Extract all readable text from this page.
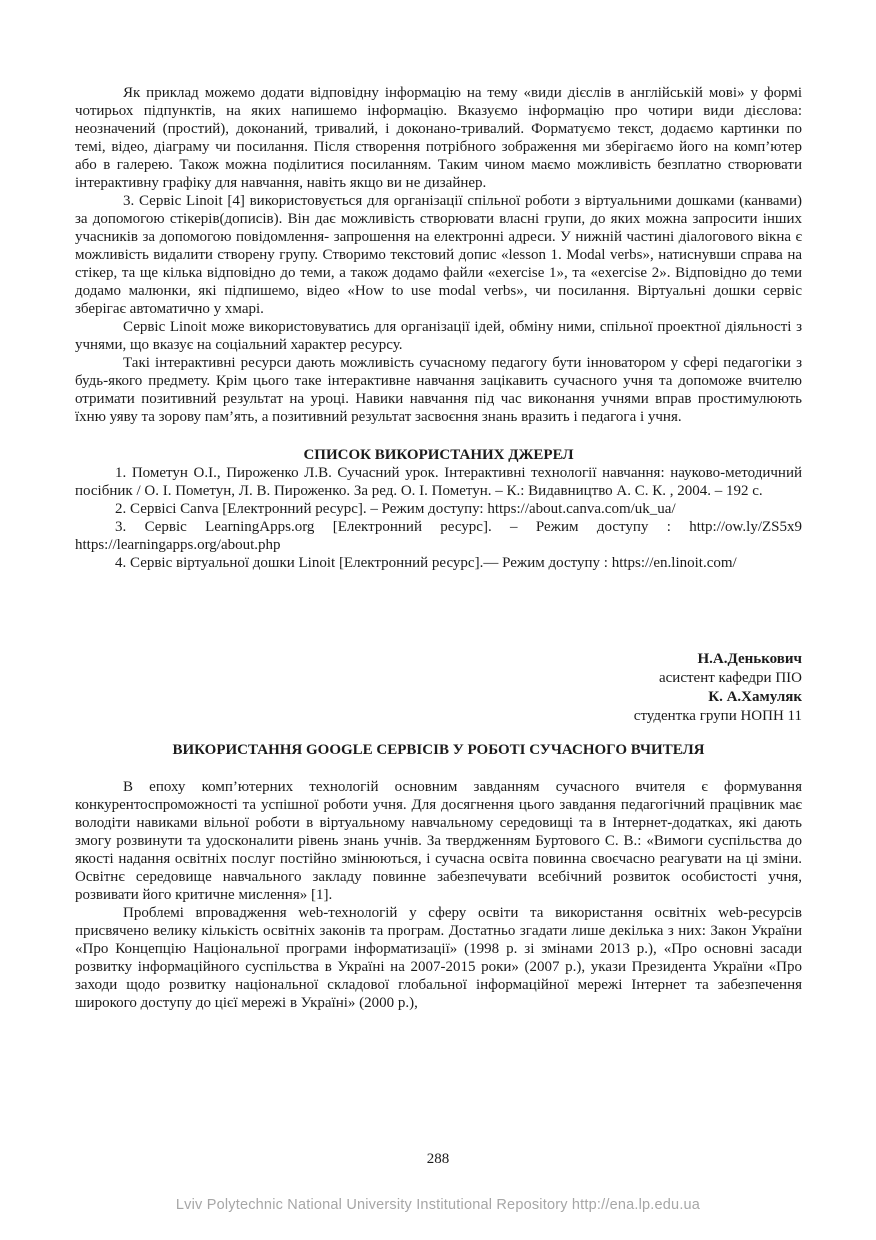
Як приклад можемо додати відповідну інформацію на тему «види дієслів в англійській мові» у формі чотирьох підпунктів, на яких напишемо інформацію. Вказуємо інформацію про чотири види дієслова: неозначений (простий), доконаний, тривалий, і доконано-тривалий. Форматуємо текст, додаємо картинки по темі, відео, діаграму чи посилання. Після створення потрібного зображення ми зберігаємо його на комп’ютер або в галерею. Також можна поділитися посиланням. Таким чином маємо можливість безплатно створювати інтерактивну графіку для навчання, навіть якщо ви не дизайнер.

3. Сервіс Linoit [4] використовується для організації спільної роботи з віртуальними дошками (канвами) за допомогою стікерів(дописів). Він дає можливість створювати власні групи, до яких можна запросити інших учасників за допомогою повідомлення- запрошення на електронні адреси. У нижній частині діалогового вікна є можливість видалити створену групу. Створимо текстовий допис «lesson 1. Modal verbs», натиснувши справа на стікер, та ще кілька відповідно до теми, а також додамо файли «exercise 1», та «exercise 2». Відповідно до теми додамо малюнки, які підпишемо, відео «How to use modal verbs», чи посилання. Віртуальні дошки сервіс зберігає автоматично у хмарі.

Сервіс Linoit може використовуватись для організації ідей, обміну ними, спільної проектної діяльності з учнями, що вказує на соціальний характер ресурсу.

Такі інтерактивні ресурси дають можливість сучасному педагогу бути інноватором у сфері педагогіки з будь-якого предмету. Крім цього таке інтерактивне навчання зацікавить сучасного учня та допоможе вчителю отримати позитивний результат на уроці. Навики навчання під час виконання учнями вправ простимулюють їхню уяву та зорову пам’ять, а позитивний результат засвоєння знань вразить і педагога і учня.

СПИСОК ВИКОРИСТАНИХ ДЖЕРЕЛ

1. Пометун О.І., Пироженко Л.В. Сучасний урок. Інтерактивні технології навчання: науково-методичний посібник / О. І. Пометун, Л. В. Пироженко. За ред. О. І. Пометун. – К.: Видавництво А. С. К. , 2004. – 192 с.

2. Сервісі Canva [Електронний ресурс]. – Режим доступу: https://about.canva.com/uk_ua/

3. Сервіс LearningApps.org [Електронний ресурс]. – Режим доступу : http://ow.ly/ZS5x9 https://learningapps.org/about.php

4. Сервіс віртуальної дошки Linoit [Електронний ресурс].— Режим доступу : https://en.linoit.com/

Н.А.Денькович
асистент кафедри ПІО
К. А.Хамуляк
студентка групи НОПН 11
ВИКОРИСТАННЯ GOOGLE СЕРВІСІВ У РОБОТІ СУЧАСНОГО ВЧИТЕЛЯ

В епоху комп’ютерних технологій основним завданням сучасного вчителя є формування конкурентоспроможності та успішної роботи учня. Для досягнення цього завдання педагогічний працівник має володіти навиками вільної роботи в віртуальному навчальному середовищі та в Інтернет-додатках, які дають змогу розвинути та удосконалити рівень знань учнів. За твердженням Буртового С. В.: «Вимоги суспільства до якості надання освітніх послуг постійно змінюються, і сучасна освіта повинна своєчасно реагувати на ці зміни. Освітнє середовище навчального закладу повинне забезпечувати всебічний розвиток особистості учня, розвивати його критичне мислення» [1].

Проблемі впровадження web-технологій у сферу освіти та використання освітніх web-ресурсів присвячено велику кількість освітніх законів та програм. Достатньо згадати лише декілька з них: Закон України «Про Концепцію Національної програми інформатизації» (1998 р. зі змінами 2013 р.), «Про основні засади розвитку інформаційного суспільства в Україні на 2007-2015 роки» (2007 р.), укази Президента України «Про заходи щодо розвитку національної складової глобальної інформаційної мережі Інтернет та забезпечення широкого доступу до цієї мережі в Україні» (2000 р.),

288
Lviv Polytechnic National University Institutional Repository http://ena.lp.edu.ua
